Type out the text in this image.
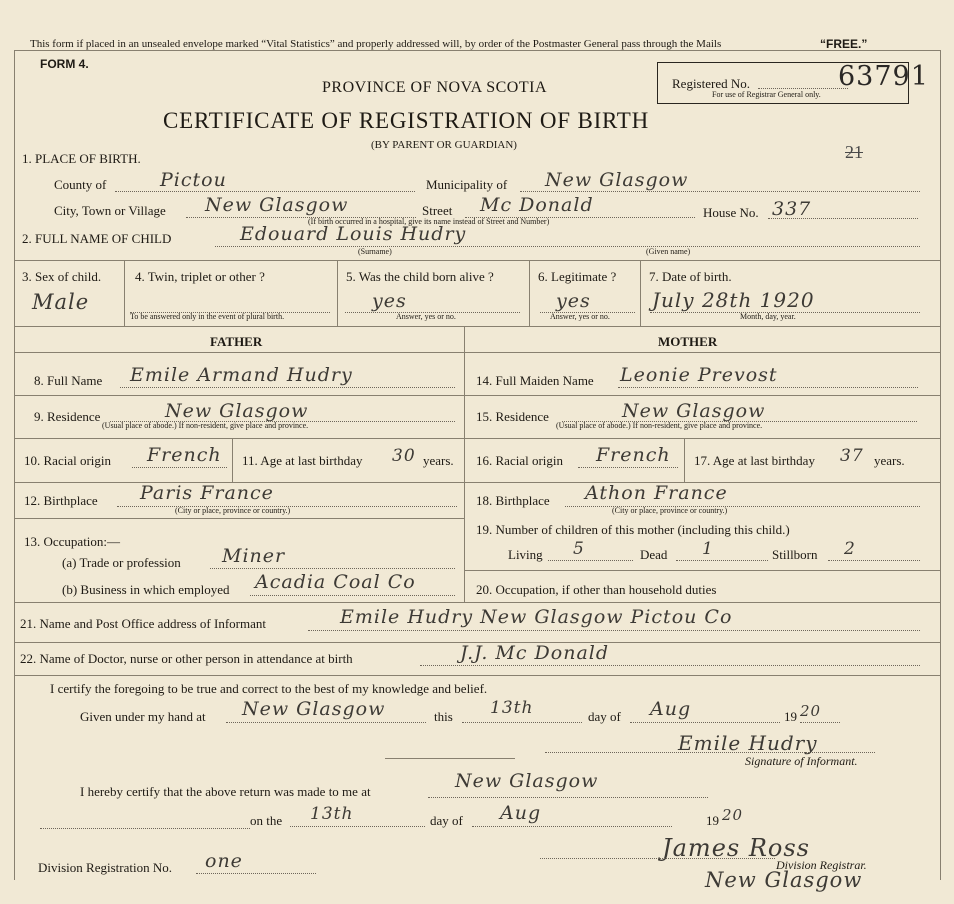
This form if placed in an unsealed envelope marked “Vital Statistics” and properly addressed will, by order of the Postmaster General pass through the Mails	“FREE.”
FORM 4.
PROVINCE OF NOVA SCOTIA
CERTIFICATE OF REGISTRATION OF BIRTH
(BY PARENT OR GUARDIAN)
Registered No.
For use of Registrar General only.
63791
21
1. PLACE OF BIRTH.
County of	Pictou	Municipality of New Glasgow
City, Town or Village New Glasgow	Street Mc Donald	House No. 337
(If birth occurred in a hospital, give its name instead of Street and Number)
2. FULL NAME OF CHILD	Edouard Louis Hudry
(Surname)	(Given name)
3. Sex of child.
Male
4. Twin, triplet or other ?
To be answered only in the event of plural birth.
5. Was the child born alive ?
yes
Answer, yes or no.
6. Legitimate ?
yes
Answer, yes or no.
7. Date of birth.
July 28th 1920
Month, day, year.
FATHER	MOTHER
8. Full Name Emile Armand Hudry	14. Full Maiden Name Leonie Prevost
9. Residence	New Glasgow
(Usual place of abode.) If non-resident, give place and province.
15. Residence	New Glasgow
(Usual place of abode.) If non-resident, give place and province.
10. Racial origin French 11. Age at last birthday 30 years. 16. Racial origin French 17. Age at last birthday 37 years.
12. Birthplace Paris France
(City or place, province or country.)
18. Birthplace Athon France
(City or place, province or country.)
13. Occupation:—
(a) Trade or profession Miner
(b) Business in which employed Acadia Coal Co
19. Number of children of this mother (including this child.)
Living 5	Dead 1	Stillborn 2
20. Occupation, if other than household duties
21. Name and Post Office address of Informant	Emile Hudry New Glasgow Pictou Co
22. Name of Doctor, nurse or other person in attendance at birth	J.J. Mc Donald
I certify the foregoing to be true and correct to the best of my knowledge and belief.
Given under my hand at New Glasgow	this 13th	day of Aug	19 20
Emile Hudry
Signature of Informant.
I hereby certify that the above return was made to me at	New Glasgow
on the 13th	day of Aug	19 20
James Ross
Division Registrar.
New Glasgow
Division Registration No. one
